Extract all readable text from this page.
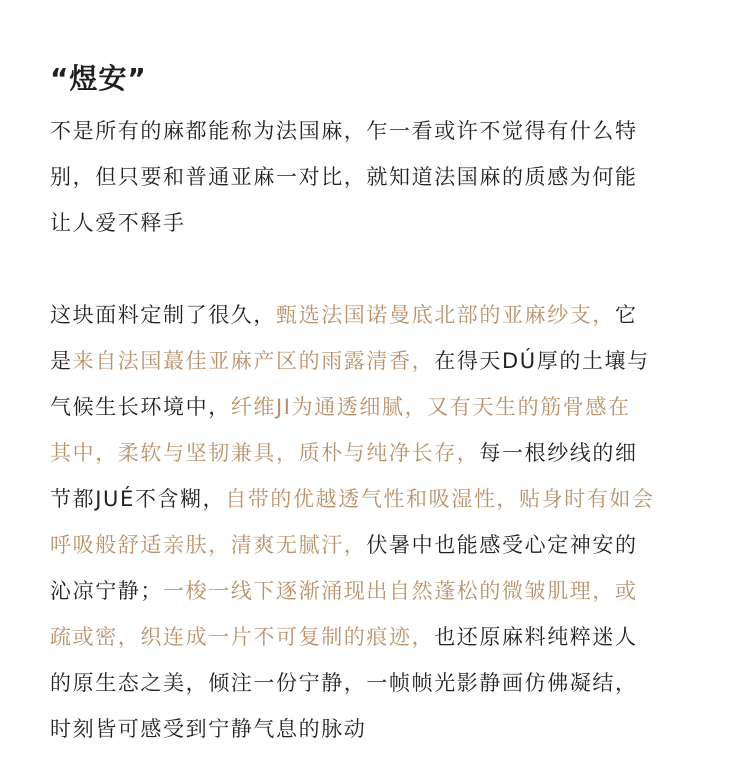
“煜安”

不是所有的麻都能称为法国麻，乍一看或许不觉得有什么特
别，但只要和普通亚麻一对比，就知道法国麻的质感为何能
让人爱不释手

这块面料定制了很久，甄选法国诺曼底北部的亚麻纱支，它
是来自法国蕞佳亚麻产区的雨露清香，在得天DÚ厚的土壤与
气候生长环境中，纤维JI为通透细腻，又有天生的筋骨感在
其中，柔软与坚韧兼具，质朴与纯净长存，每一根纱线的细
节都JUÉ不含糊，自带的优越透气性和吸湿性，贴身时有如会
呼吸般舒适亲肤，清爽无腻汗，伏暑中也能感受心定神安的
沁凉宁静；一梭一线下逐渐涌现出自然蓬松的微皱肌理，或
疏或密，织连成一片不可复制的痕迹，也还原麻料纯粹迷人
的原生态之美，倾注一份宁静，一帧帧光影静画仿佛凝结，
时刻皆可感受到宁静气息的脉动
